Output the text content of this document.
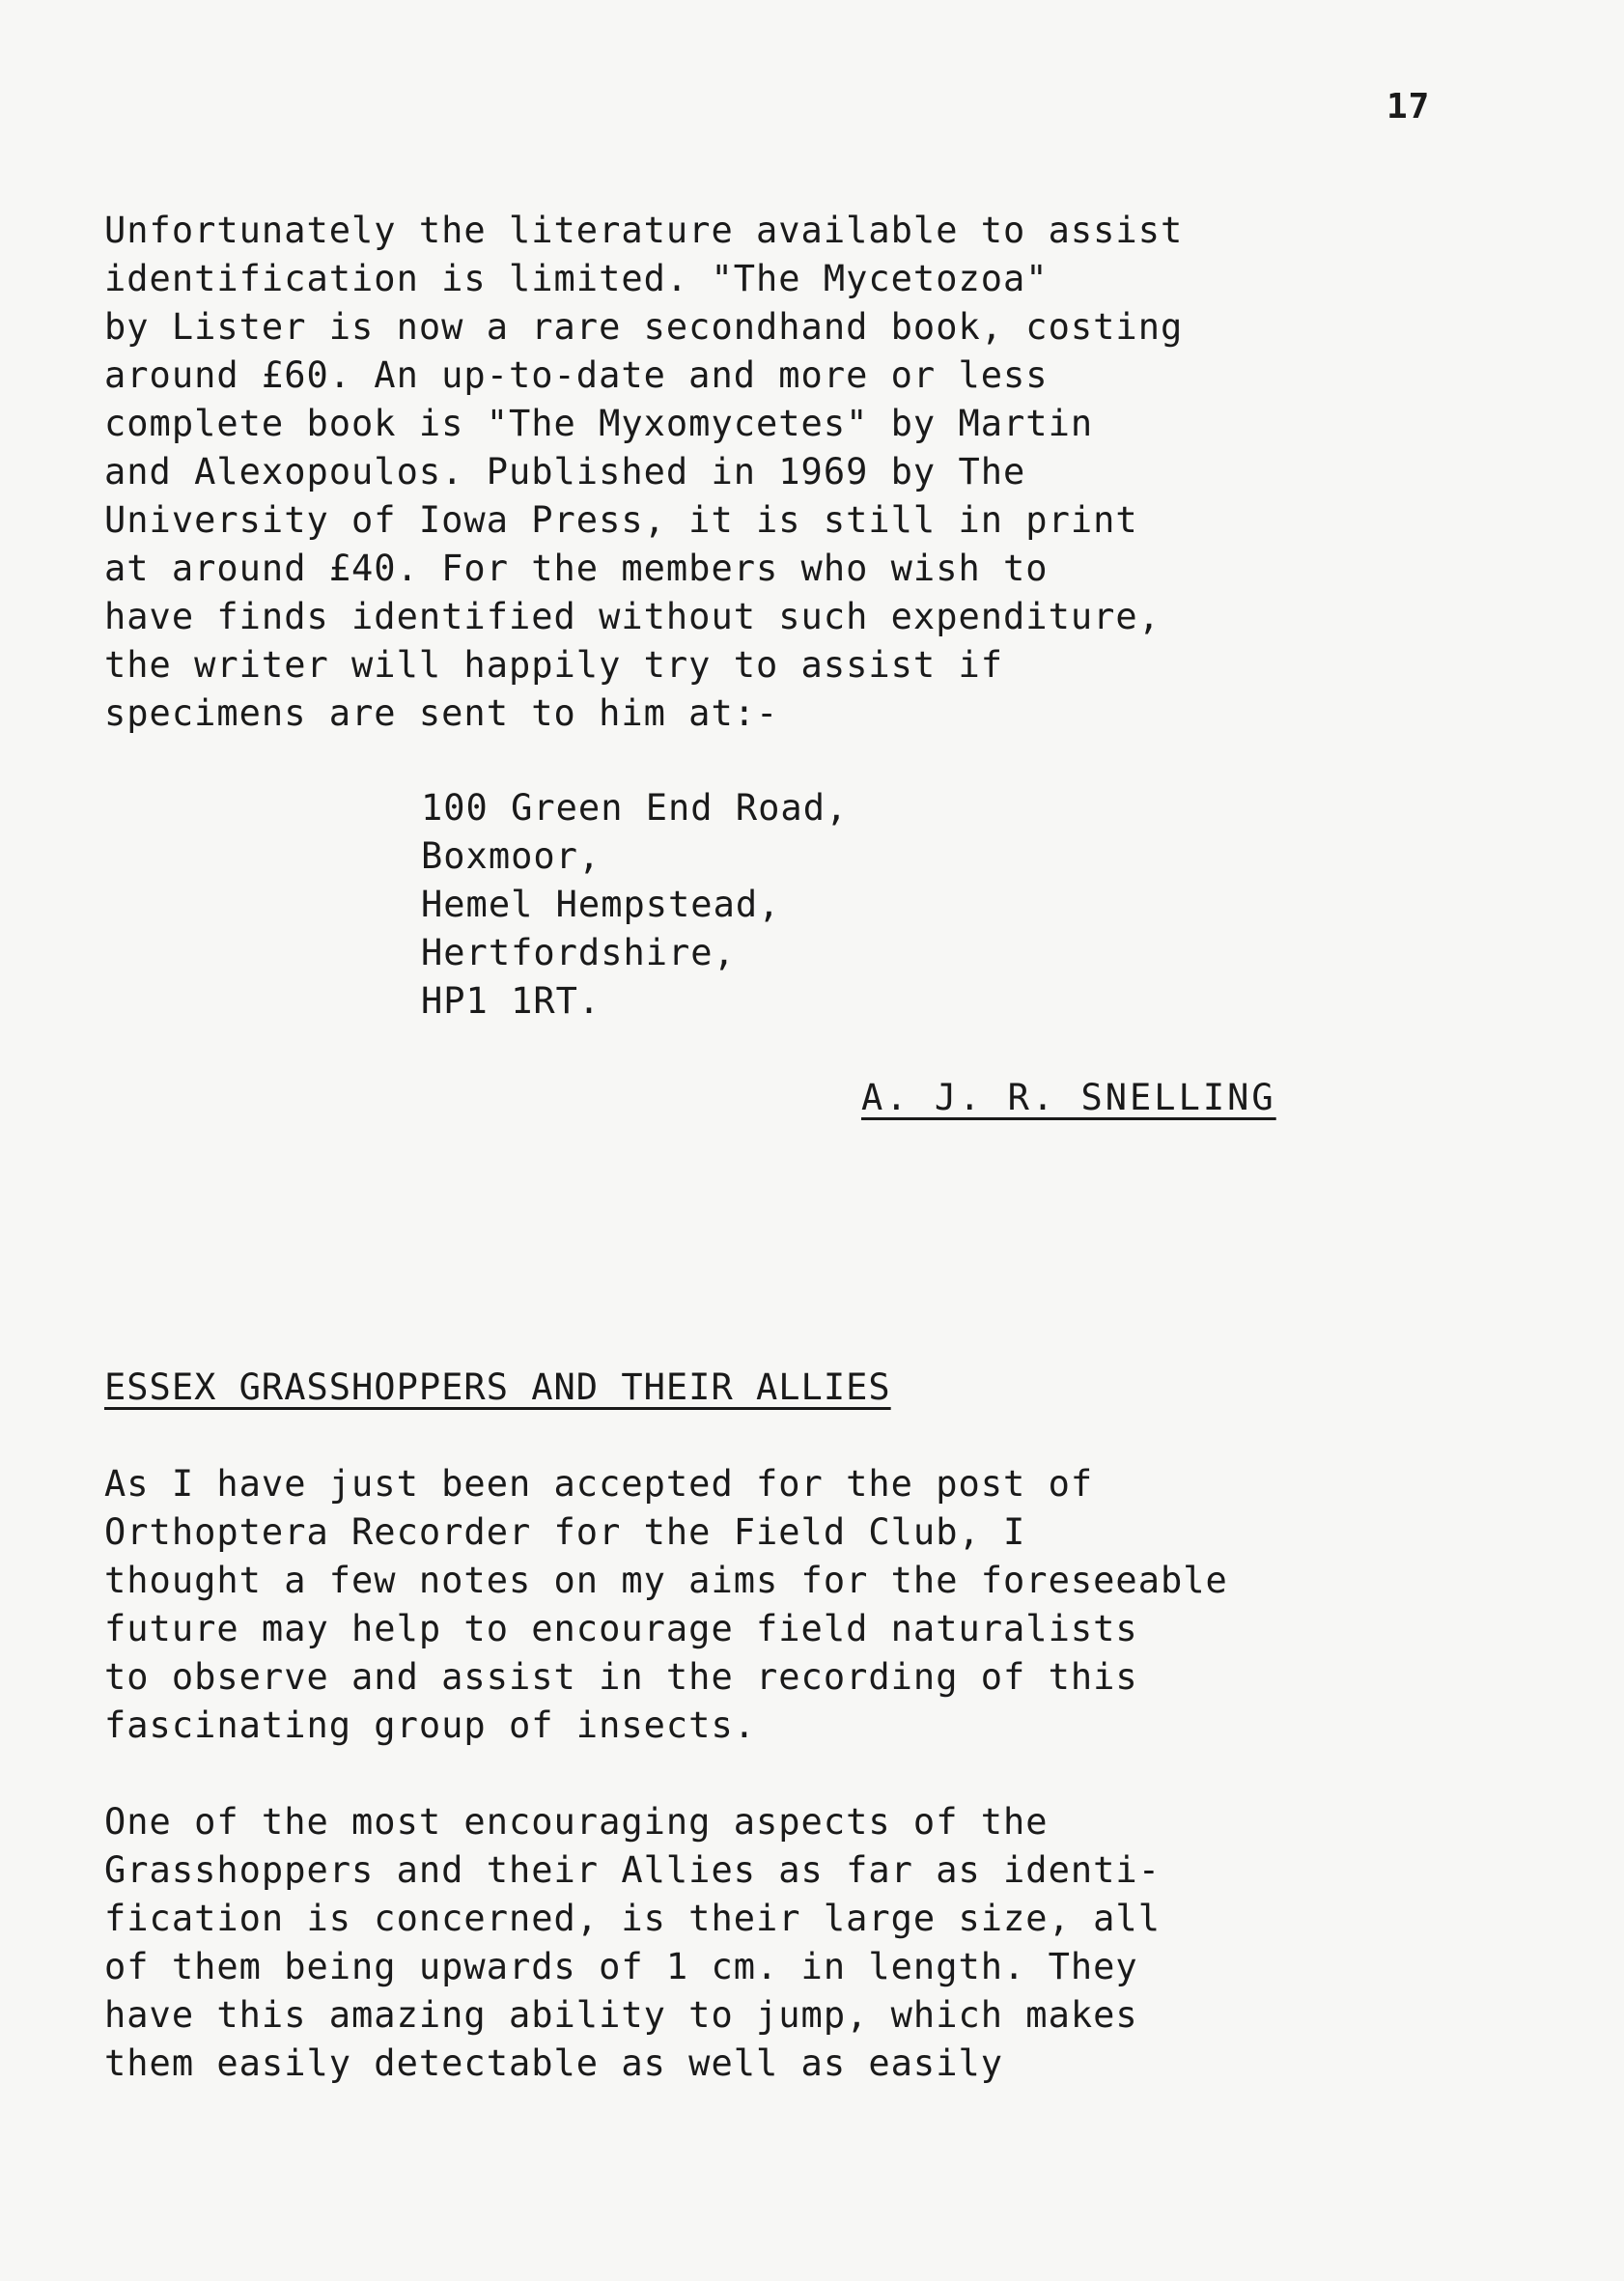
17
Unfortunately the literature available to assist
identification is limited. "The Mycetozoa"
by Lister is now a rare secondhand book, costing
around £60. An up-to-date and more or less
complete book is "The Myxomycetes" by Martin
and Alexopoulos. Published in 1969 by The
University of Iowa Press, it is still in print
at around £40. For the members who wish to
have finds identified without such expenditure,
the writer will happily try to assist if
specimens are sent to him at:-
100 Green End Road,
Boxmoor,
Hemel Hempstead,
Hertfordshire,
HP1 1RT.
A. J. R. SNELLING
ESSEX GRASSHOPPERS AND THEIR ALLIES
As I have just been accepted for the post of
Orthoptera Recorder for the Field Club, I
thought a few notes on my aims for the foreseeable
future may help to encourage field naturalists
to observe and assist in the recording of this
fascinating group of insects.
One of the most encouraging aspects of the
Grasshoppers and their Allies as far as identi-
fication is concerned, is their large size, all
of them being upwards of 1 cm. in length. They
have this amazing ability to jump, which makes
them easily detectable as well as easily
